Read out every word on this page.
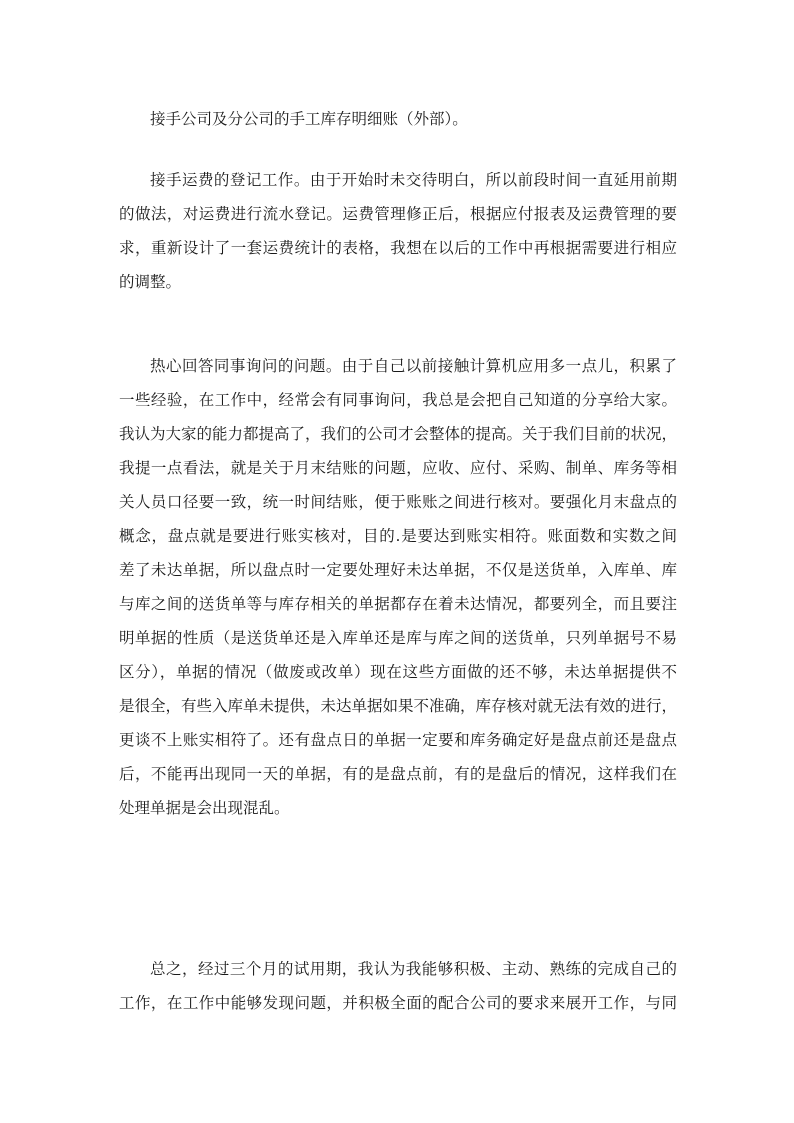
接手公司及分公司的手工库存明细账（外部）。
接手运费的登记工作。由于开始时未交待明白，所以前段时间一直延用前期
的做法，对运费进行流水登记。运费管理修正后，根据应付报表及运费管理的要
求，重新设计了一套运费统计的表格，我想在以后的工作中再根据需要进行相应
的调整。
热心回答同事询问的问题。由于自己以前接触计算机应用多一点儿，积累了
一些经验，在工作中，经常会有同事询问，我总是会把自己知道的分享给大家。
我认为大家的能力都提高了，我们的公司才会整体的提高。关于我们目前的状况，
我提一点看法，就是关于月末结账的问题，应收、应付、采购、制单、库务等相
关人员口径要一致，统一时间结账，便于账账之间进行核对。要强化月末盘点的
概念，盘点就是要进行账实核对，目的.是要达到账实相符。账面数和实数之间
差了未达单据，所以盘点时一定要处理好未达单据，不仅是送货单，入库单、库
与库之间的送货单等与库存相关的单据都存在着未达情况，都要列全，而且要注
明单据的性质（是送货单还是入库单还是库与库之间的送货单，只列单据号不易
区分），单据的情况（做废或改单）现在这些方面做的还不够，未达单据提供不
是很全，有些入库单未提供，未达单据如果不准确，库存核对就无法有效的进行，
更谈不上账实相符了。还有盘点日的单据一定要和库务确定好是盘点前还是盘点
后，不能再出现同一天的单据，有的是盘点前，有的是盘后的情况，这样我们在
处理单据是会出现混乱。
总之，经过三个月的试用期，我认为我能够积极、主动、熟练的完成自己的
工作，在工作中能够发现问题，并积极全面的配合公司的要求来展开工作，与同
